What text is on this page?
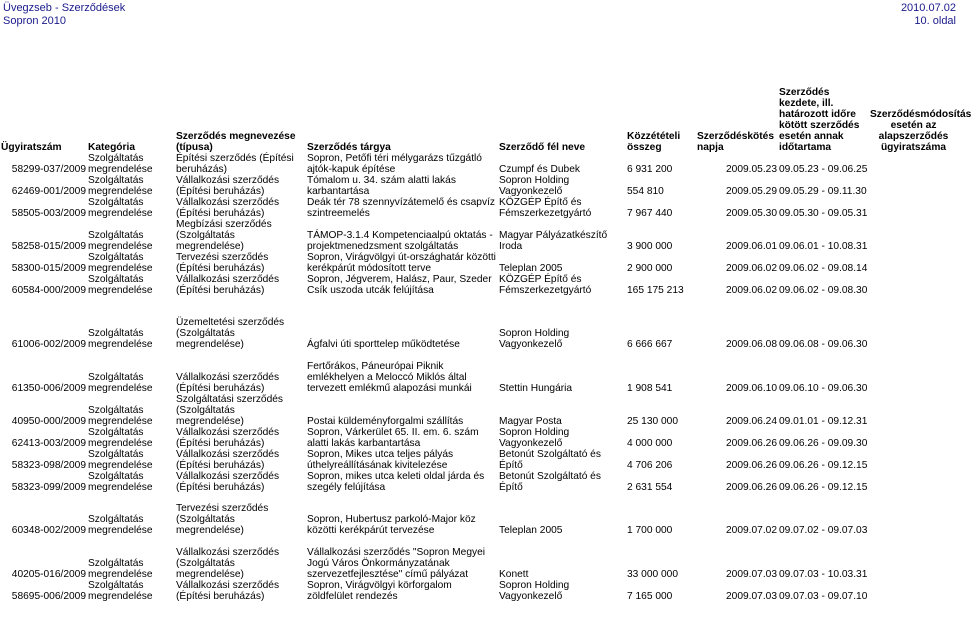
Üvegzseb - Szerződések	2010.07.02
Sopron 2010	10. oldal
Ügyiratszám	Kategória	Szerződés megnevezése (típusa)	Szerződés tárgya	Szerződő fél neve	Közzétételi összeg	Szerződéskötés napja	Szerződés kezdete, ill. határozott időre kötött szerződés esetén annak időtartama	Szerződésmódosítás esetén az alapszerződés ügyiratszáma
58299-037/2009	Szolgáltatás megrendelése	Építési szerződés (Építési beruházás)	Sopron, Petőfi téri mélygarázs tűzgátló ajtók-kapuk építése	Czumpf és Dubek	6 931 200	2009.05.23	09.05.23 - 09.06.25	
62469-001/2009	Szolgáltatás megrendelése	Vállalkozási szerződés (Építési beruházás)	Tómalom u. 34. szám alatti lakás karbantartása	Sopron Holding Vagyonkezelő	554 810	2009.05.29	09.05.29 - 09.11.30	
58505-003/2009	Szolgáltatás megrendelése	Vállalkozási szerződés (Építési beruházás)	Deák tér 78 szennyvízátemelő és csapvíz szintreemelés	KÖZGÉP Építő és Fémszerkezetgyártó	7 967 440	2009.05.30	09.05.30 - 09.05.31	
58258-015/2009	Szolgáltatás megrendelése	Megbízási szerződés (Szolgáltatás megrendelése)	TÁMOP-3.1.4 Kompetenciaalpú oktatás - projektmenedzsment szolgáltatás	Magyar Pályázatkészítő Iroda	3 900 000	2009.06.01	09.06.01 - 10.08.31	
58300-015/2009	Szolgáltatás megrendelése	Tervezési szerződés (Építési beruházás)	Sopron, Virágvölgyi út-országhatár közötti kerékpárút módosított terve	Teleplan 2005	2 900 000	2009.06.02	09.06.02 - 09.08.14	
60584-000/2009	Szolgáltatás megrendelése	Vállalkozási szerződés (Építési beruházás)	Sopron, Jégverem, Halász, Paur, Szeder Csík uszoda utcák felújítása	KÖZGÉP Építő és Fémszerkezetgyártó	165 175 213	2009.06.02	09.06.02 - 09.08.30	

61006-002/2009	Szolgáltatás megrendelése	Üzemeltetési szerződés (Szolgáltatás megrendelése)	Ágfalvi úti sporttelep működtetése	Sopron Holding Vagyonkezelő	6 666 667	2009.06.08	09.06.08 - 09.06.30	
61350-006/2009	Szolgáltatás megrendelése	Vállalkozási szerződés (Építési beruházás)	Fertőrákos, Páneurópai Piknik emlékhelyen a Meloccó Miklós által tervezett emlékmű alapozási munkái	Stettin Hungária	1 908 541	2009.06.10	09.06.10 - 09.06.30	
40950-000/2009	Szolgáltatás megrendelése	Szolgáltatási szerződés (Szolgáltatás megrendelése)	Postai küldeményforgalmi szállítás	Magyar Posta	25 130 000	2009.06.24	09.01.01 - 09.12.31	
62413-003/2009	Szolgáltatás megrendelése	Vállalkozási szerződés (Építési beruházás)	Sopron, Várkerület 65. II. em. 6. szám alatti lakás karbantartása	Sopron Holding Vagyonkezelő	4 000 000	2009.06.26	09.06.26 - 09.09.30	
58323-098/2009	Szolgáltatás megrendelése	Vállalkozási szerződés (Építési beruházás)	Sopron, Mikes utca teljes pályás úthelyreállításának kivitelezése	Betonút Szolgáltató és Építő	4 706 206	2009.06.26	09.06.26 - 09.12.15	
58323-099/2009	Szolgáltatás megrendelése	Vállalkozási szerződés (Építési beruházás)	Sopron, mikes utca keleti oldal járda és szegély felújítása	Betonút Szolgáltató és Építő	2 631 554	2009.06.26	09.06.26 - 09.12.15	

60348-002/2009	Szolgáltatás megrendelése	Tervezési szerződés (Szolgáltatás megrendelése)	Sopron, Hubertusz parkoló-Major köz közötti kerékpárút tervezése	Teleplan 2005	1 700 000	2009.07.02	09.07.02 - 09.07.03	
40205-016/2009	Szolgáltatás megrendelése	Vállalkozási szerződés (Szolgáltatás megrendelése)	Vállalkozási szerződés "Sopron Megyei Jogú Város Önkormányzatának szervezetfejlesztése" című pályázat	Konett	33 000 000	2009.07.03	09.07.03 - 10.03.31	
58695-006/2009	Szolgáltatás megrendelése	Vállalkozási szerződés (Építési beruházás)	Sopron, Virágvölgyi körforgalom zöldfelület rendezés	Sopron Holding Vagyonkezelő	7 165 000	2009.07.03	09.07.03 - 09.07.10	
